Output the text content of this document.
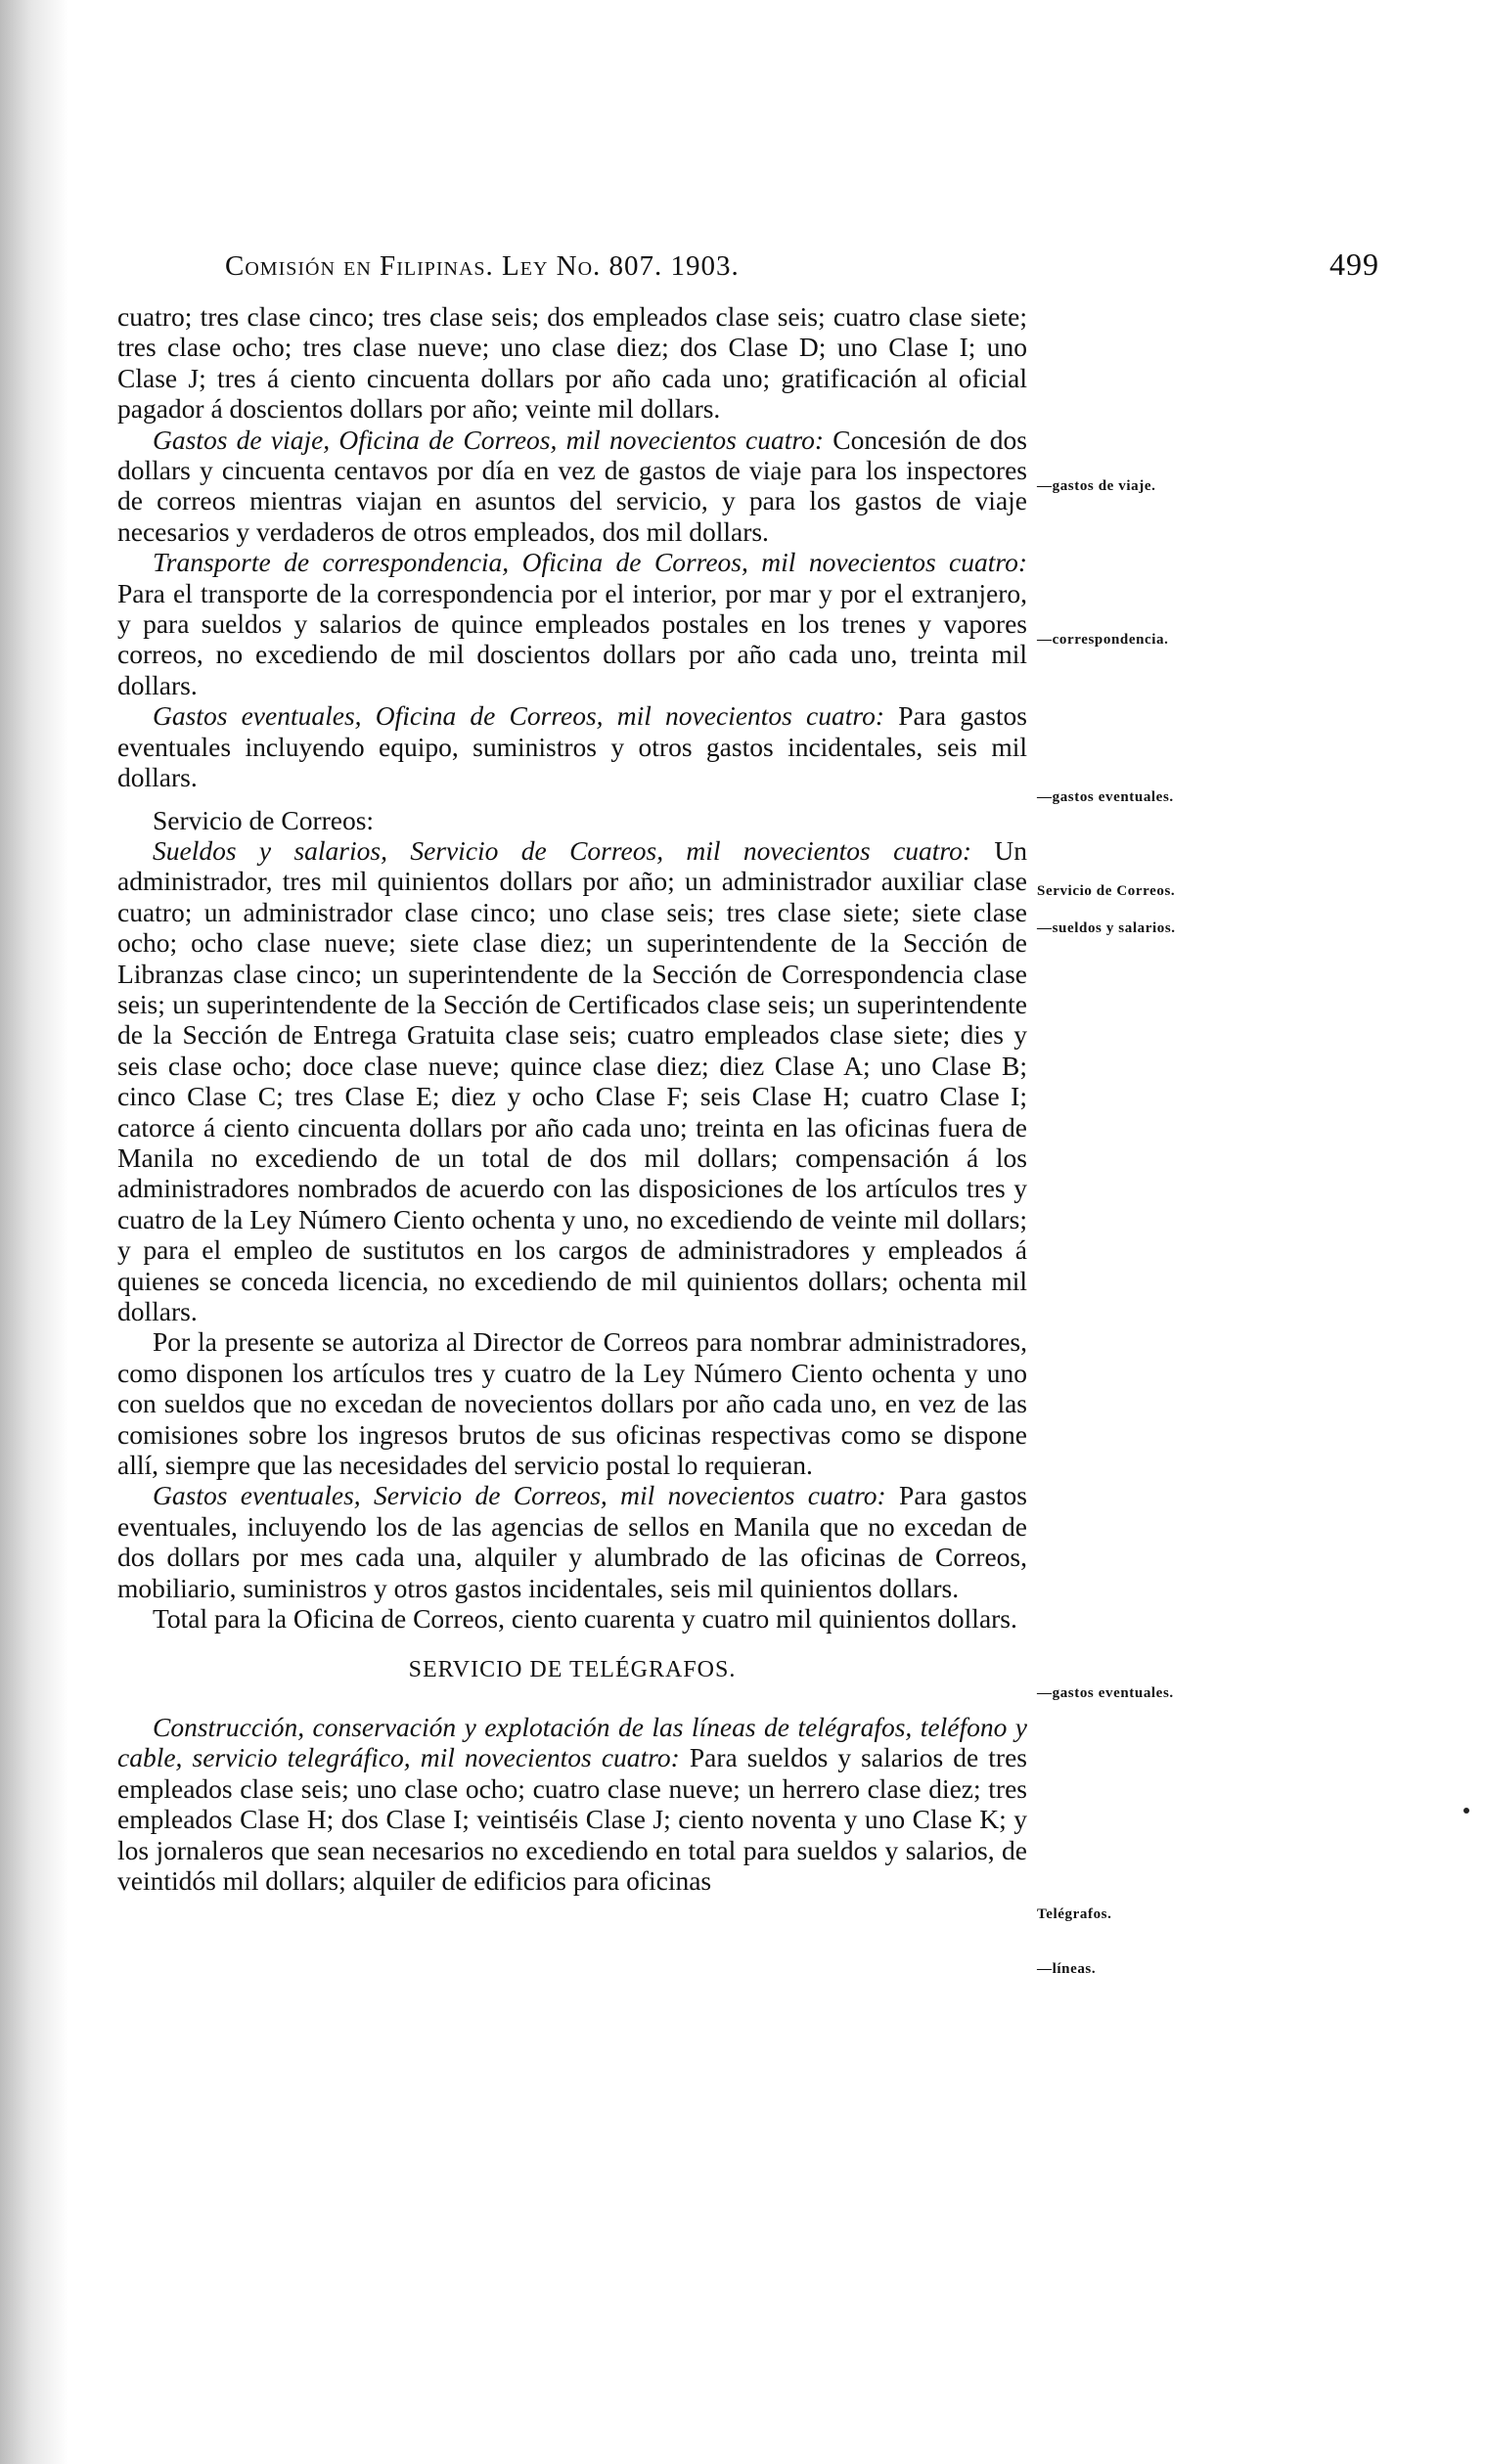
Comisión en Filipinas. Ley No. 807. 1903.	499

cuatro; tres clase cinco; tres clase seis; dos empleados clase seis; cuatro clase siete; tres clase ocho; tres clase nueve; uno clase diez; dos Clase D; uno Clase I; uno Clase J; tres á ciento cincuenta dollars por año cada uno; gratificación al oficial pagador á doscientos dollars por año; veinte mil dollars.

Gastos de viaje, Oficina de Correos, mil novecientos cuatro: Concesión de dos dollars y cincuenta centavos por día en vez de gastos de viaje para los inspectores de correos mientras viajan en asuntos del servicio, y para los gastos de viaje necesarios y verdaderos de otros empleados, dos mil dollars.

Transporte de correspondencia, Oficina de Correos, mil novecientos cuatro: Para el transporte de la correspondencia por el interior, por mar y por el extranjero, y para sueldos y salarios de quince empleados postales en los trenes y vapores correos, no excediendo de mil doscientos dollars por año cada uno, treinta mil dollars.

Gastos eventuales, Oficina de Correos, mil novecientos cuatro: Para gastos eventuales incluyendo equipo, suministros y otros gastos incidentales, seis mil dollars.

Servicio de Correos:

Sueldos y salarios, Servicio de Correos, mil novecientos cuatro: Un administrador, tres mil quinientos dollars por año; un administrador auxiliar clase cuatro; un administrador clase cinco; uno clase seis; tres clase siete; siete clase ocho; ocho clase nueve; siete clase diez; un superintendente de la Sección de Libranzas clase cinco; un superintendente de la Sección de Correspondencia clase seis; un superintendente de la Sección de Certificados clase seis; un superintendente de la Sección de Entrega Gratuita clase seis; cuatro empleados clase siete; dies y seis clase ocho; doce clase nueve; quince clase diez; diez Clase A; uno Clase B; cinco Clase C; tres Clase E; diez y ocho Clase F; seis Clase H; cuatro Clase I; catorce á ciento cincuenta dollars por año cada uno; treinta en las oficinas fuera de Manila no excediendo de un total de dos mil dollars; compensación á los administradores nombrados de acuerdo con las disposiciones de los artículos tres y cuatro de la Ley Número Ciento ochenta y uno, no excediendo de veinte mil dollars; y para el empleo de sustitutos en los cargos de administradores y empleados á quienes se conceda licencia, no excediendo de mil quinientos dollars; ochenta mil dollars.

Por la presente se autoriza al Director de Correos para nombrar administradores, como disponen los artículos tres y cuatro de la Ley Número Ciento ochenta y uno con sueldos que no excedan de novecientos dollars por año cada uno, en vez de las comisiones sobre los ingresos brutos de sus oficinas respectivas como se dispone allí, siempre que las necesidades del servicio postal lo requieran.

Gastos eventuales, Servicio de Correos, mil novecientos cuatro: Para gastos eventuales, incluyendo los de las agencias de sellos en Manila que no excedan de dos dollars por mes cada una, alquiler y alumbrado de las oficinas de Correos, mobiliario, suministros y otros gastos incidentales, seis mil quinientos dollars.

Total para la Oficina de Correos, ciento cuarenta y cuatro mil quinientos dollars.

SERVICIO DE TELÉGRAFOS.

Construcción, conservación y explotación de las líneas de telégrafos, teléfono y cable, servicio telegráfico, mil novecientos cuatro: Para sueldos y salarios de tres empleados clase seis; uno clase ocho; cuatro clase nueve; un herrero clase diez; tres empleados Clase H; dos Clase I; veintiséis Clase J; ciento noventa y uno Clase K; y los jornaleros que sean necesarios no excediendo en total para sueldos y salarios, de veintidós mil dollars; alquiler de edificios para oficinas

—gastos de viaje.
—correspondencia.
—gastos eventuales.
Servicio de Correos.
—sueldos y salarios.
—gastos eventuales.
Telégrafos.
—líneas.
